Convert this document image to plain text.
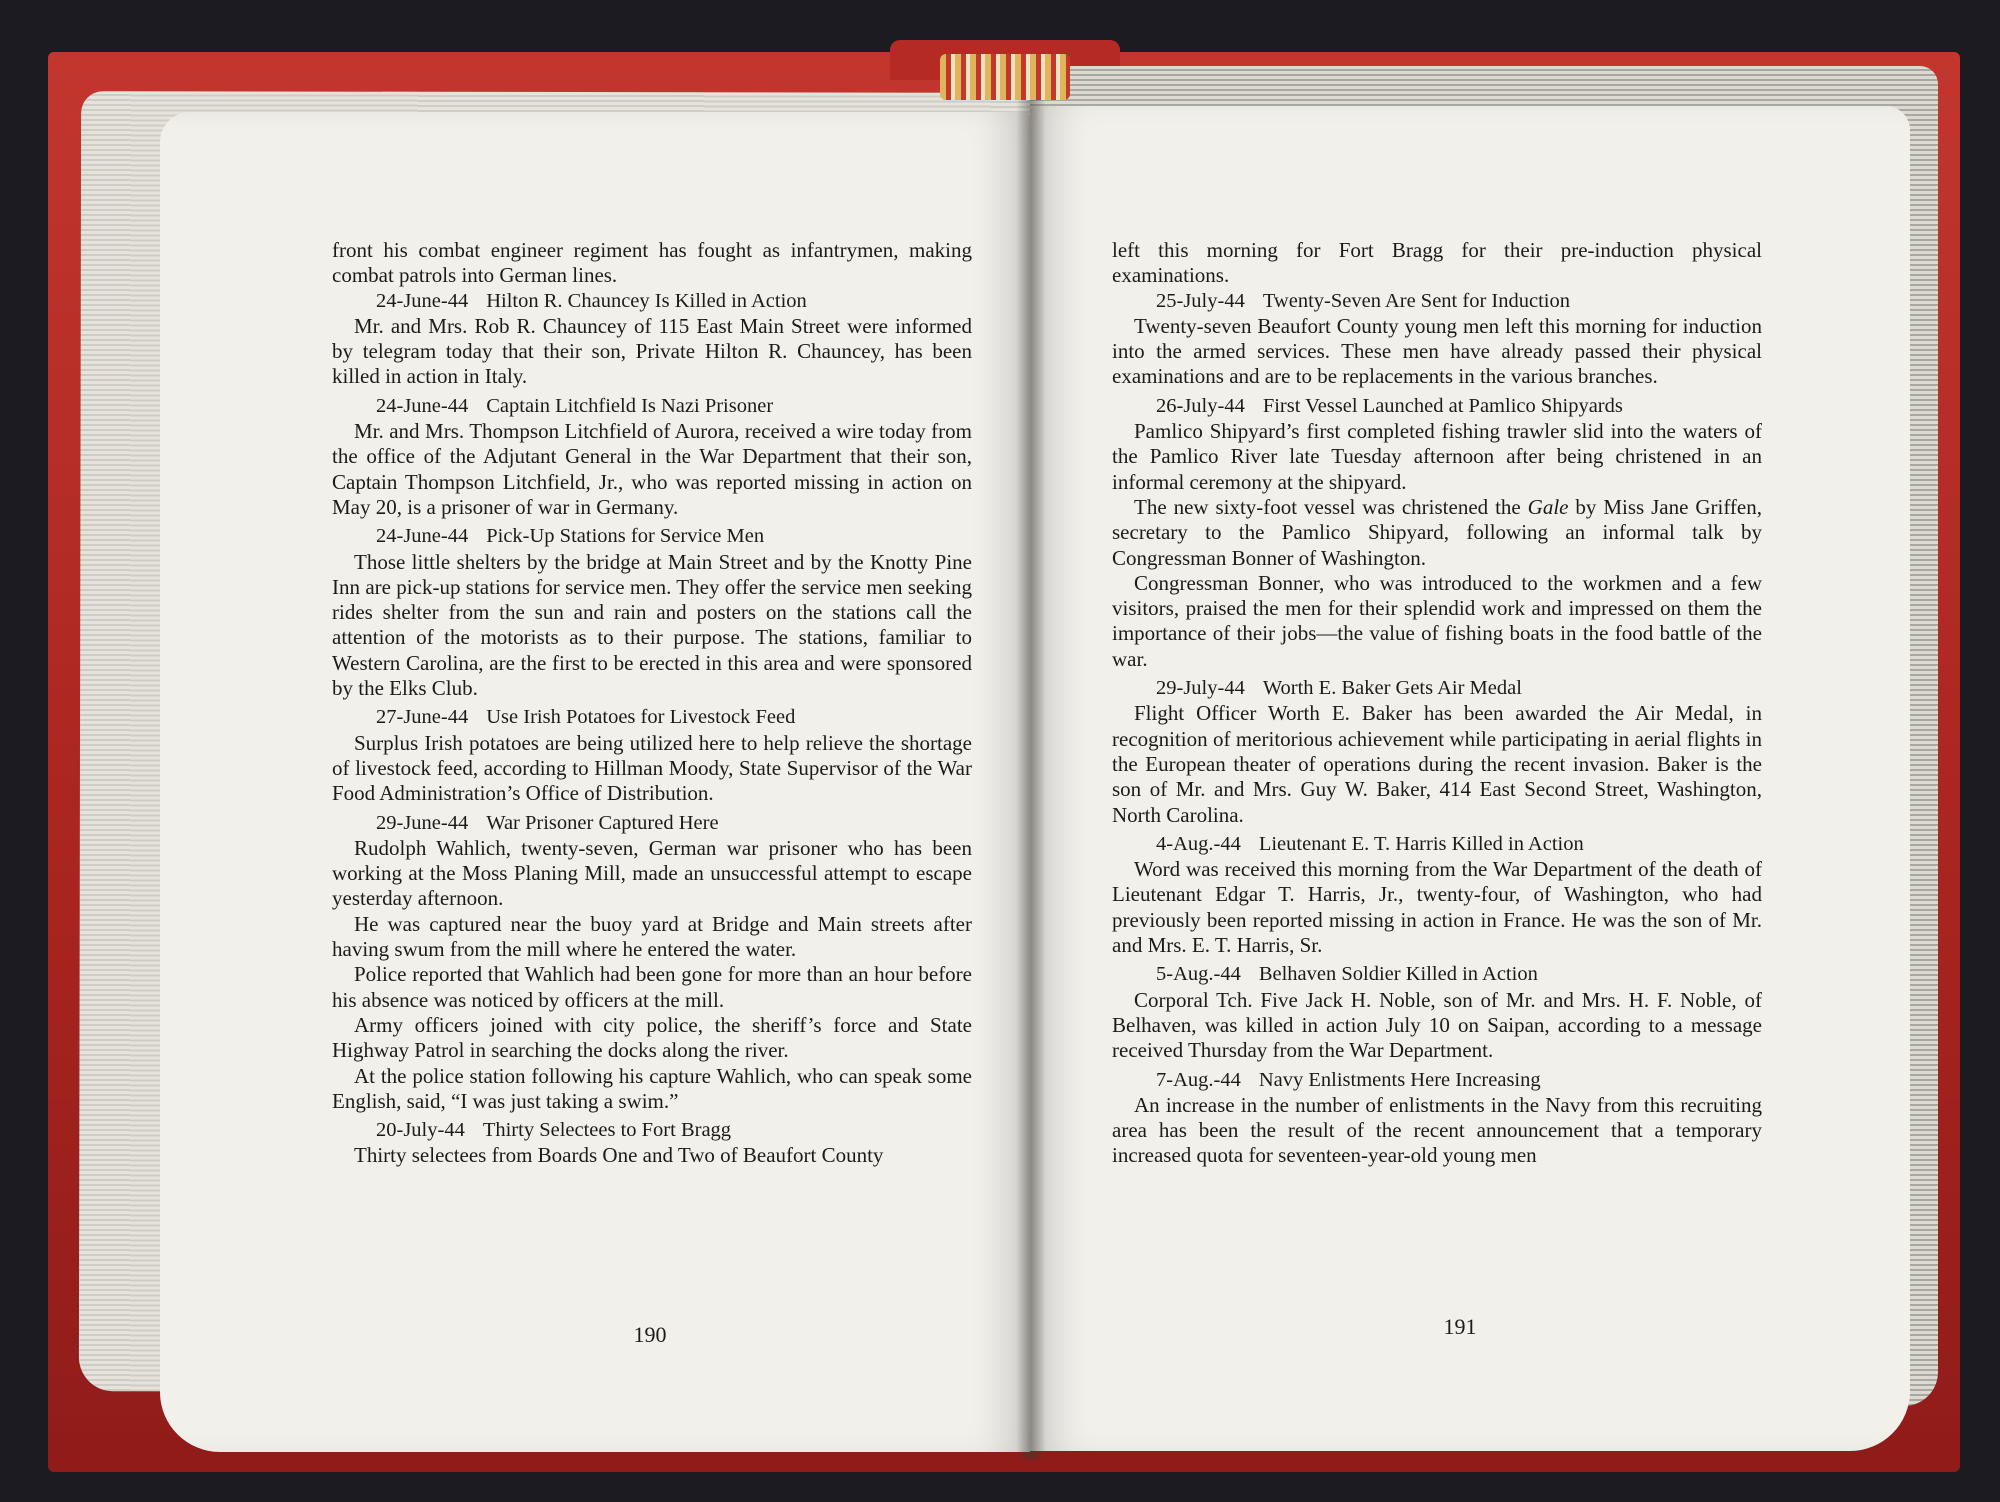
front his combat engineer regiment has fought as infantrymen, making combat patrols into German lines.

24-June-44 Hilton R. Chauncey Is Killed in Action

Mr. and Mrs. Rob R. Chauncey of 115 East Main Street were informed by telegram today that their son, Private Hilton R. Chauncey, has been killed in action in Italy.

24-June-44 Captain Litchfield Is Nazi Prisoner

Mr. and Mrs. Thompson Litchfield of Aurora, received a wire today from the office of the Adjutant General in the War Department that their son, Captain Thompson Litchfield, Jr., who was reported missing in action on May 20, is a prisoner of war in Germany.

24-June-44 Pick-Up Stations for Service Men

Those little shelters by the bridge at Main Street and by the Knotty Pine Inn are pick-up stations for service men. They offer the service men seeking rides shelter from the sun and rain and posters on the stations call the attention of the motorists as to their purpose. The stations, familiar to Western Carolina, are the first to be erected in this area and were sponsored by the Elks Club.

27-June-44 Use Irish Potatoes for Livestock Feed

Surplus Irish potatoes are being utilized here to help relieve the shortage of livestock feed, according to Hillman Moody, State Supervisor of the War Food Administration’s Office of Distribution.

29-June-44 War Prisoner Captured Here

Rudolph Wahlich, twenty-seven, German war prisoner who has been working at the Moss Planing Mill, made an unsuccessful attempt to escape yesterday afternoon.

He was captured near the buoy yard at Bridge and Main streets after having swum from the mill where he entered the water.

Police reported that Wahlich had been gone for more than an hour before his absence was noticed by officers at the mill.

Army officers joined with city police, the sheriff’s force and State Highway Patrol in searching the docks along the river.

At the police station following his capture Wahlich, who can speak some English, said, “I was just taking a swim.”

20-July-44 Thirty Selectees to Fort Bragg

Thirty selectees from Boards One and Two of Beaufort County

190

left this morning for Fort Bragg for their pre-induction physical examinations.

25-July-44 Twenty-Seven Are Sent for Induction

Twenty-seven Beaufort County young men left this morning for induction into the armed services. These men have already passed their physical examinations and are to be replacements in the various branches.

26-July-44 First Vessel Launched at Pamlico Shipyards

Pamlico Shipyard’s first completed fishing trawler slid into the waters of the Pamlico River late Tuesday afternoon after being christened in an informal ceremony at the shipyard.

The new sixty-foot vessel was christened the Gale by Miss Jane Griffen, secretary to the Pamlico Shipyard, following an informal talk by Congressman Bonner of Washington.

Congressman Bonner, who was introduced to the workmen and a few visitors, praised the men for their splendid work and impressed on them the importance of their jobs—the value of fishing boats in the food battle of the war.

29-July-44 Worth E. Baker Gets Air Medal

Flight Officer Worth E. Baker has been awarded the Air Medal, in recognition of meritorious achievement while participating in aerial flights in the European theater of operations during the recent invasion. Baker is the son of Mr. and Mrs. Guy W. Baker, 414 East Second Street, Washington, North Carolina.

4-Aug.-44 Lieutenant E. T. Harris Killed in Action

Word was received this morning from the War Department of the death of Lieutenant Edgar T. Harris, Jr., twenty-four, of Washington, who had previously been reported missing in action in France. He was the son of Mr. and Mrs. E. T. Harris, Sr.

5-Aug.-44 Belhaven Soldier Killed in Action

Corporal Tch. Five Jack H. Noble, son of Mr. and Mrs. H. F. Noble, of Belhaven, was killed in action July 10 on Saipan, according to a message received Thursday from the War Department.

7-Aug.-44 Navy Enlistments Here Increasing

An increase in the number of enlistments in the Navy from this recruiting area has been the result of the recent announcement that a temporary increased quota for seventeen-year-old young men

191
